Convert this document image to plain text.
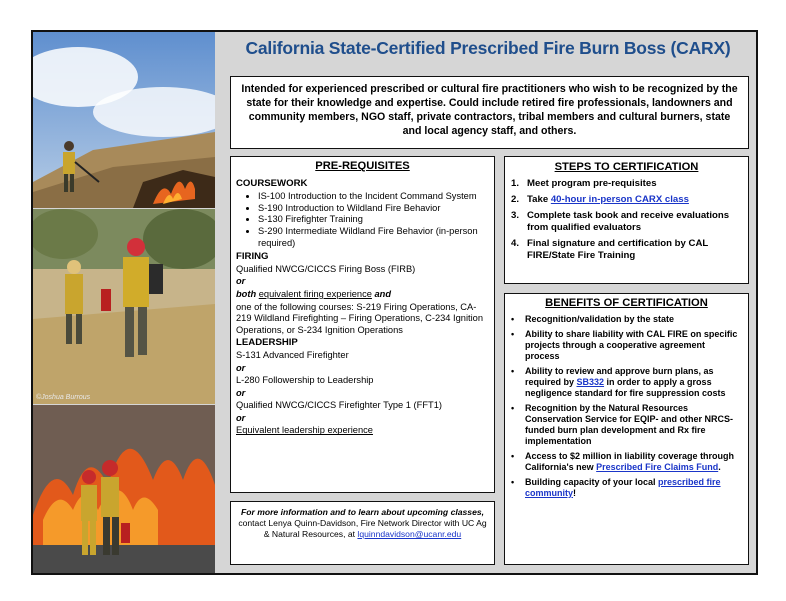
©Joshua Burrous
California State-Certified Prescribed Fire Burn Boss (CARX)
Intended for experienced prescribed or cultural fire practitioners who wish to be recognized by the state for their knowledge and expertise. Could include retired fire professionals, landowners and community members, NGO staff, private contractors, tribal members and cultural burners, state and local agency staff, and others.
PRE-REQUISITES
COURSEWORK
• IS-100 Introduction to the Incident Command System
• S-190 Introduction to Wildland Fire Behavior
• S-130 Firefighter Training
• S-290 Intermediate Wildland Fire Behavior (in-person required)
FIRING
Qualified NWCG/CICCS Firing Boss (FIRB)
or
both equivalent firing experience and
one of the following courses: S-219 Firing Operations, CA-219 Wildland Firefighting – Firing Operations, C-234 Ignition Operations, or S-234 Ignition Operations
LEADERSHIP
S-131 Advanced Firefighter
or
L-280 Followership to Leadership
or
Qualified NWCG/CICCS Firefighter Type 1 (FFT1)
or
Equivalent leadership experience
STEPS TO CERTIFICATION
1. Meet program pre-requisites
2. Take 40-hour in-person CARX class
3. Complete task book and receive evaluations from qualified evaluators
4. Final signature and certification by CAL FIRE/State Fire Training
BENEFITS OF CERTIFICATION
•	Recognition/validation by the state
•	Ability to share liability with CAL FIRE on specific projects through a cooperative agreement process
•	Ability to review and approve burn plans, as required by SB332 in order to apply a gross negligence standard for fire suppression costs
•	Recognition by the Natural Resources Conservation Service for EQIP- and other NRCS-funded burn plan development and Rx fire implementation
•	Access to $2 million in liability coverage through California's new Prescribed Fire Claims Fund.
•	Building capacity of your local prescribed fire community!
For more information and to learn about upcoming classes,
contact Lenya Quinn-Davidson, Fire Network Director with UC Ag & Natural Resources, at lquinndavidson@ucanr.edu
